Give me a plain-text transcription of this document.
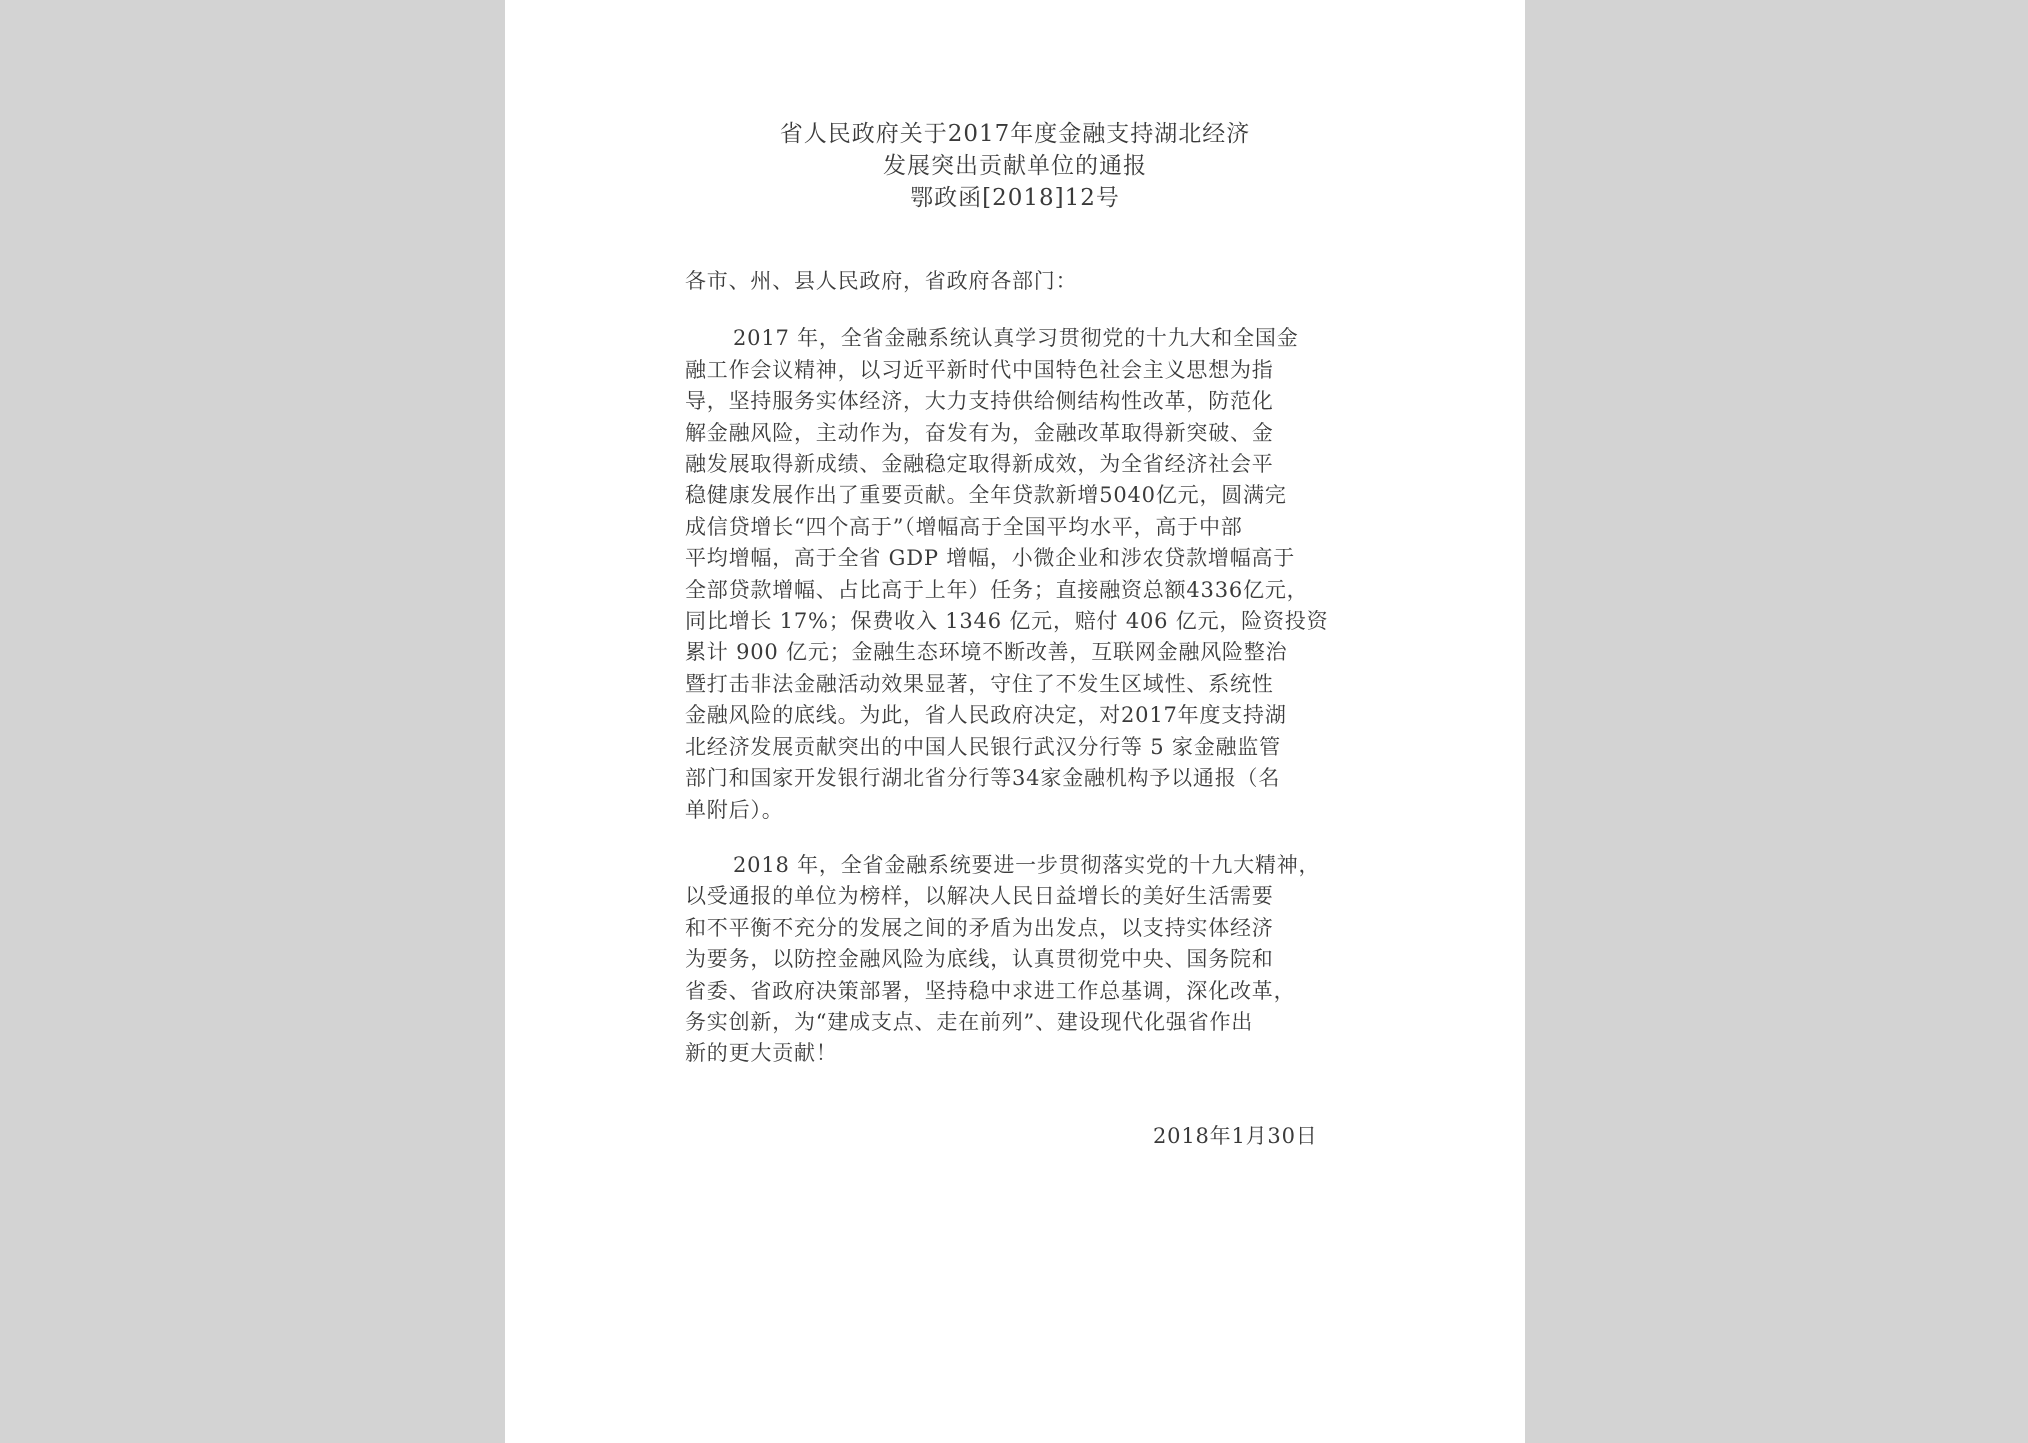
省人民政府关于2017年度金融支持湖北经济
发展突出贡献单位的通报
鄂政函[2018]12号
各市、州、县人民政府，省政府各部门：
2017 年，全省金融系统认真学习贯彻党的十九大和全国金
融工作会议精神，以习近平新时代中国特色社会主义思想为指
导，坚持服务实体经济，大力支持供给侧结构性改革，防范化
解金融风险，主动作为，奋发有为，金融改革取得新突破、金
融发展取得新成绩、金融稳定取得新成效，为全省经济社会平
稳健康发展作出了重要贡献。全年贷款新增5040亿元，圆满完
成信贷增长“四个高于”（增幅高于全国平均水平，高于中部
平均增幅，高于全省 GDP 增幅，小微企业和涉农贷款增幅高于
全部贷款增幅、占比高于上年）任务；直接融资总额4336亿元，
同比增长 17%；保费收入 1346 亿元，赔付 406 亿元，险资投资
累计 900 亿元；金融生态环境不断改善，互联网金融风险整治
暨打击非法金融活动效果显著，守住了不发生区域性、系统性
金融风险的底线。为此，省人民政府决定，对2017年度支持湖
北经济发展贡献突出的中国人民银行武汉分行等 5 家金融监管
部门和国家开发银行湖北省分行等34家金融机构予以通报（名
单附后）。
2018 年，全省金融系统要进一步贯彻落实党的十九大精神，
以受通报的单位为榜样，以解决人民日益增长的美好生活需要
和不平衡不充分的发展之间的矛盾为出发点，以支持实体经济
为要务，以防控金融风险为底线，认真贯彻党中央、国务院和
省委、省政府决策部署，坚持稳中求进工作总基调，深化改革，
务实创新，为“建成支点、走在前列”、建设现代化强省作出
新的更大贡献！
2018年1月30日
